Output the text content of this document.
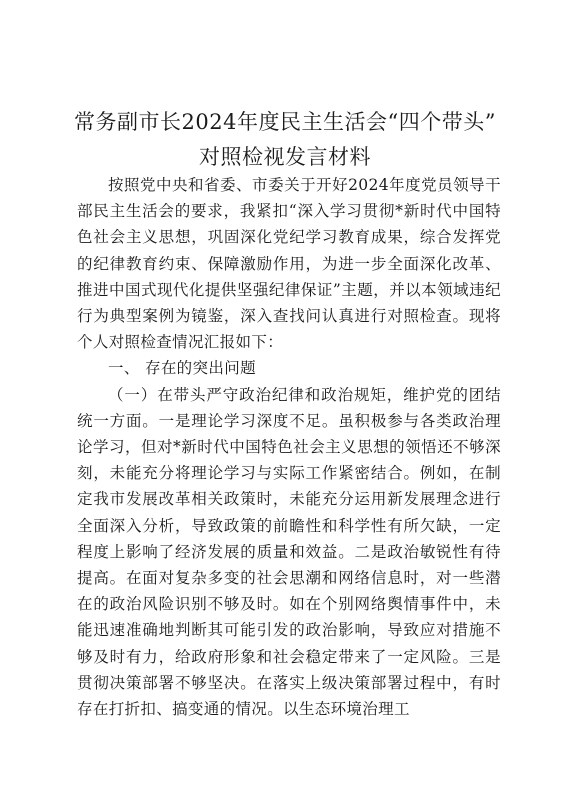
常务副市长2024年度民主生活会“四个带头”
对照检视发言材料

按照党中央和省委、市委关于开好2024年度党员领导干部民主生活会的要求，我紧扣“深入学习贯彻*新时代中国特色社会主义思想，巩固深化党纪学习教育成果，综合发挥党的纪律教育约束、保障激励作用，为进一步全面深化改革、推进中国式现代化提供坚强纪律保证”主题，并以本领域违纪行为典型案例为镜鉴，深入查找问认真进行对照检查。现将个人对照检查情况汇报如下：

一、 存在的突出问题

（一）在带头严守政治纪律和政治规矩，维护党的团结统一方面。一是理论学习深度不足。虽积极参与各类政治理论学习，但对*新时代中国特色社会主义思想的领悟还不够深刻，未能充分将理论学习与实际工作紧密结合。例如，在制定我市发展改革相关政策时，未能充分运用新发展理念进行全面深入分析，导致政策的前瞻性和科学性有所欠缺，一定程度上影响了经济发展的质量和效益。二是政治敏锐性有待提高。在面对复杂多变的社会思潮和网络信息时，对一些潜在的政治风险识别不够及时。如在个别网络舆情事件中，未能迅速准确地判断其可能引发的政治影响，导致应对措施不够及时有力，给政府形象和社会稳定带来了一定风险。三是贯彻决策部署不够坚决。在落实上级决策部署过程中，有时存在打折扣、搞变通的情况。以生态环境治理工
